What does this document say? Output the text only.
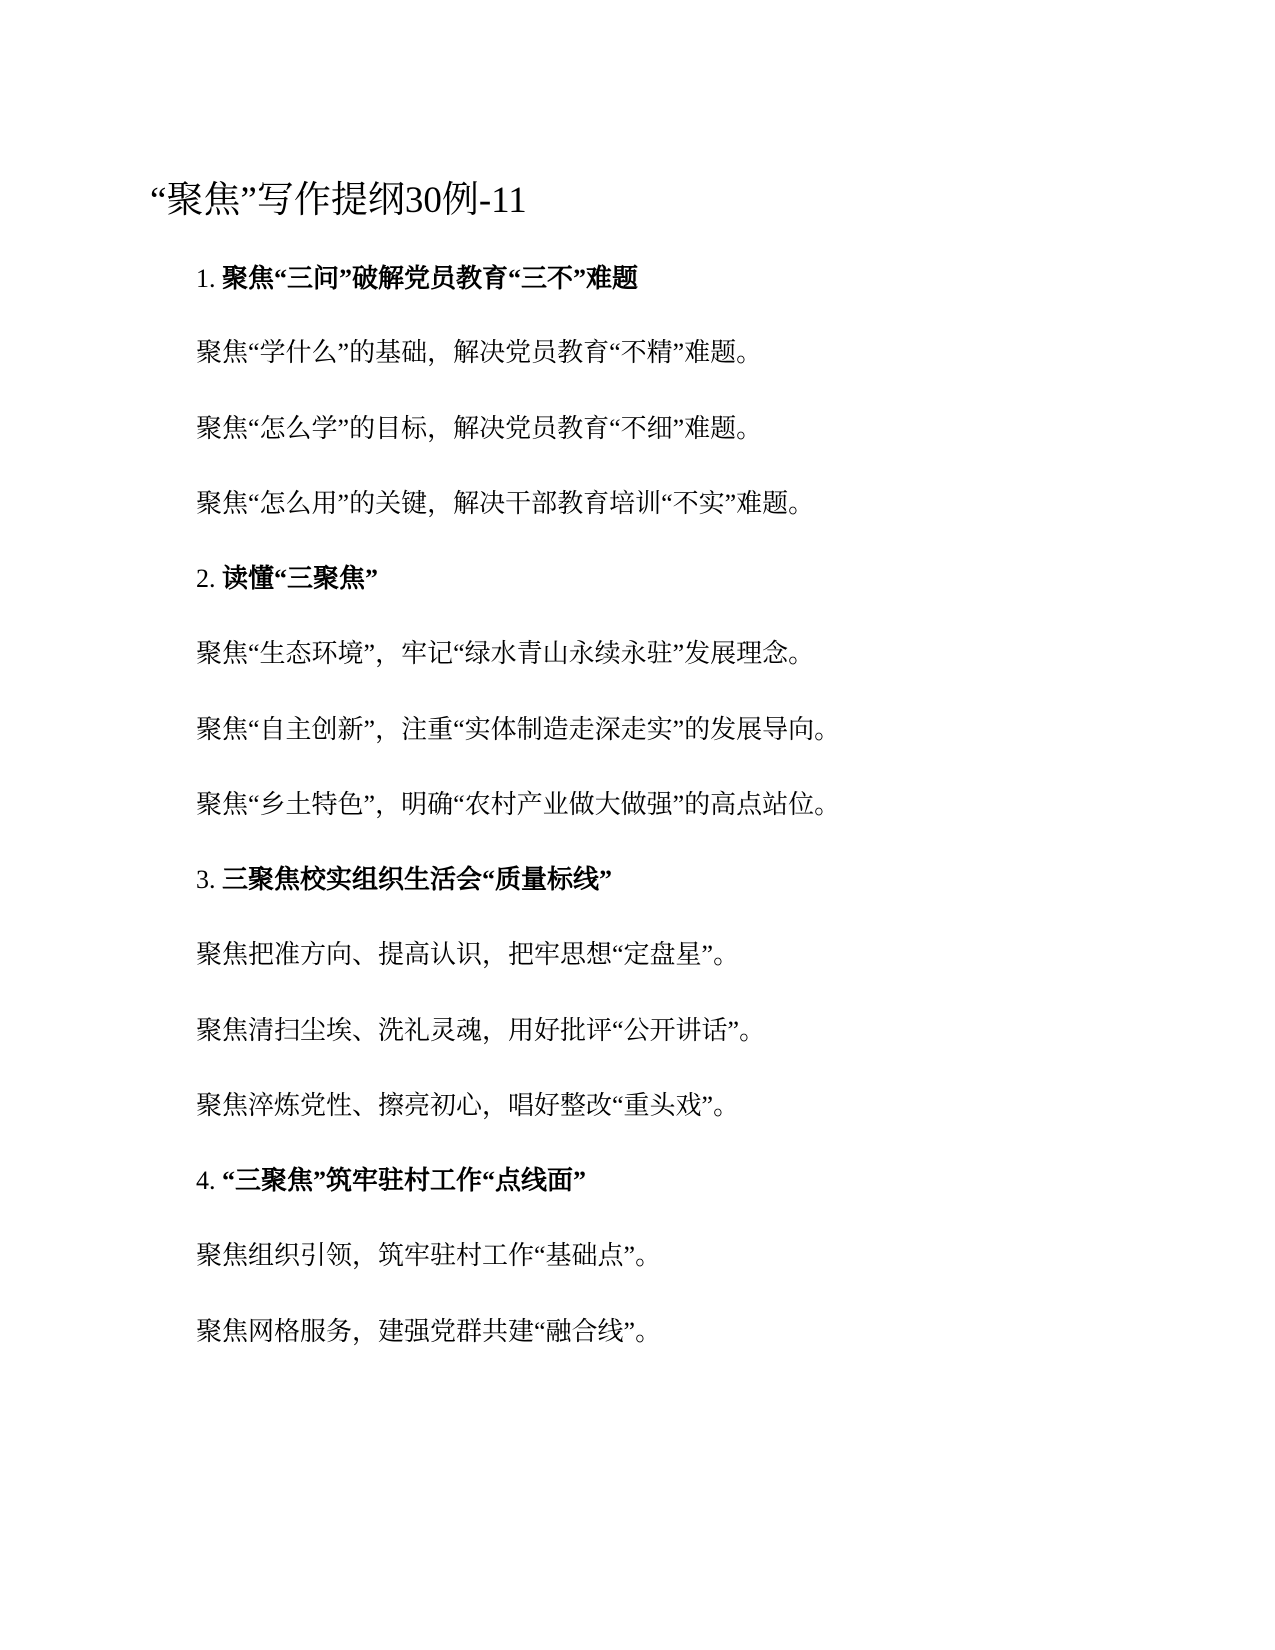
“聚焦”写作提纲30例-11
1. 聚焦“三问”破解党员教育“三不”难题

聚焦“学什么”的基础，解决党员教育“不精”难题。

聚焦“怎么学”的目标，解决党员教育“不细”难题。

聚焦“怎么用”的关键，解决干部教育培训“不实”难题。

2. 读懂“三聚焦”

聚焦“生态环境”，牢记“绿水青山永续永驻”发展理念。

聚焦“自主创新”，注重“实体制造走深走实”的发展导向。

聚焦“乡土特色”，明确“农村产业做大做强”的高点站位。

3. 三聚焦校实组织生活会“质量标线”

聚焦把准方向、提高认识，把牢思想“定盘星”。

聚焦清扫尘埃、洗礼灵魂，用好批评“公开讲话”。

聚焦淬炼党性、擦亮初心，唱好整改“重头戏”。

4. “三聚焦”筑牢驻村工作“点线面”

聚焦组织引领，筑牢驻村工作“基础点”。

聚焦网格服务，建强党群共建“融合线”。
